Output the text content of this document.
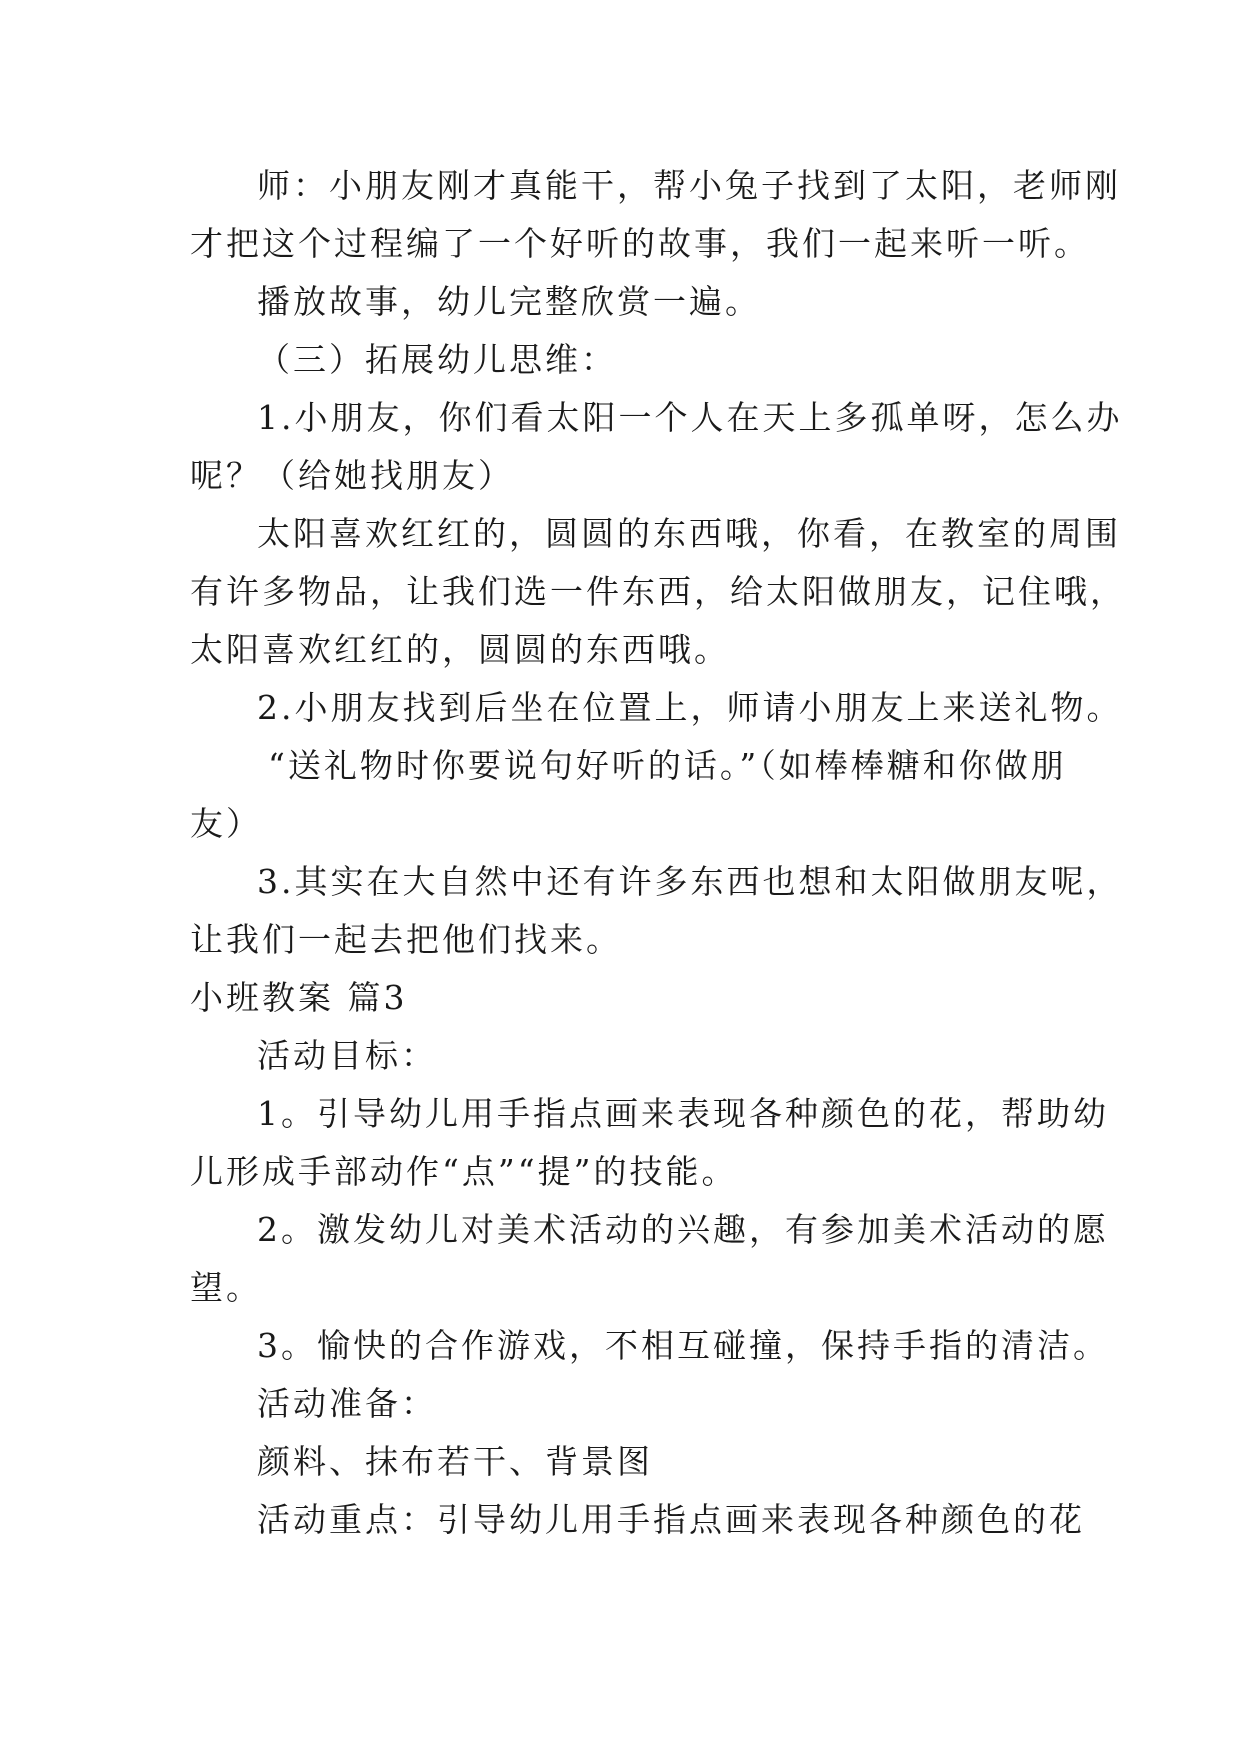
师：小朋友刚才真能干，帮小兔子找到了太阳，老师刚
才把这个过程编了一个好听的故事，我们一起来听一听。
播放故事，幼儿完整欣赏一遍。
（三）拓展幼儿思维：
1.小朋友，你们看太阳一个人在天上多孤单呀，怎么办
呢？（给她找朋友）
太阳喜欢红红的，圆圆的东西哦，你看，在教室的周围
有许多物品，让我们选一件东西，给太阳做朋友，记住哦，
太阳喜欢红红的，圆圆的东西哦。
2.小朋友找到后坐在位置上，师请小朋友上来送礼物。
“送礼物时你要说句好听的话。”（如棒棒糖和你做朋
友）
3.其实在大自然中还有许多东西也想和太阳做朋友呢，
让我们一起去把他们找来。
小班教案 篇3
活动目标：
1。引导幼儿用手指点画来表现各种颜色的花，帮助幼
儿形成手部动作“点”“提”的技能。
2。激发幼儿对美术活动的兴趣，有参加美术活动的愿
望。
3。愉快的合作游戏，不相互碰撞，保持手指的清洁。
活动准备：
颜料、抹布若干、背景图
活动重点：引导幼儿用手指点画来表现各种颜色的花
